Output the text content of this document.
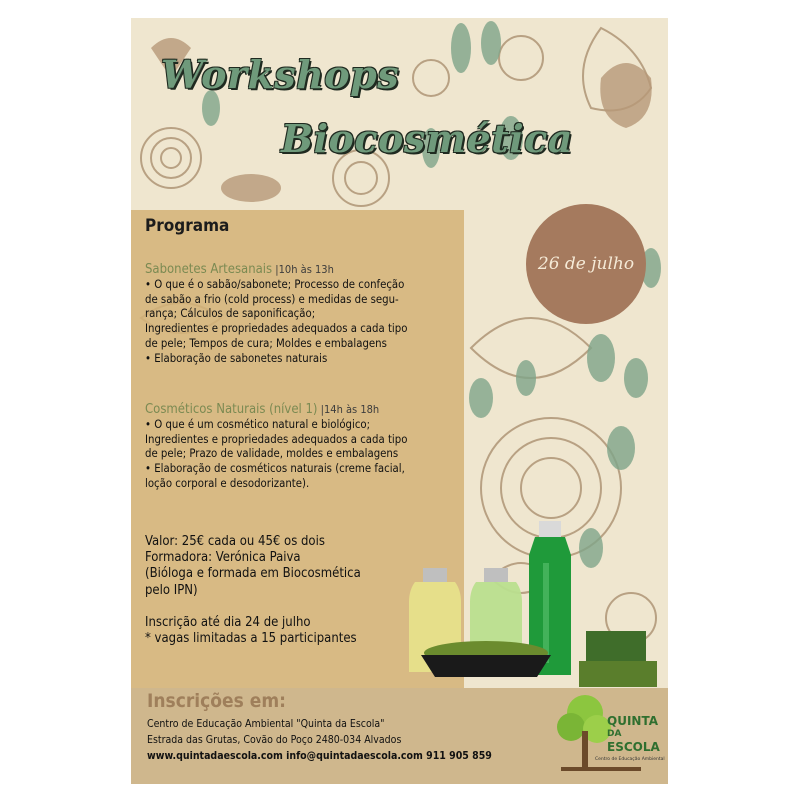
Workshops
Biocosmética
26 de julho
Programa
Sabonetes Artesanais |10h às 13h
• O que é o sabão/sabonete; Processo de confeção
de sabão a frio (cold process) e medidas de segu-
rança; Cálculos de saponificação;
Ingredientes e propriedades adequados a cada tipo
de pele; Tempos de cura; Moldes e embalagens
• Elaboração de sabonetes naturais
Cosméticos Naturais (nível 1) |14h às 18h
• O que é um cosmético natural e biológico;
Ingredientes e propriedades adequados a cada tipo
de pele; Prazo de validade, moldes e embalagens
• Elaboração de cosméticos naturais (creme facial,
loção corporal e desodorizante).
Valor: 25€ cada ou 45€ os dois
Formadora: Verónica Paiva
(Bióloga e formada em Biocosmética
pelo IPN)
Inscrição até dia 24 de julho
* vagas limitadas a 15 participantes
Inscrições em:
Centro de Educação Ambiental "Quinta da Escola"
Estrada das Grutas, Covão do Poço 2480-034 Alvados
www.quintadaescola.com info@quintadaescola.com 911 905 859
QUINTA
DA
ESCOLA
Centro de Educação Ambiental
